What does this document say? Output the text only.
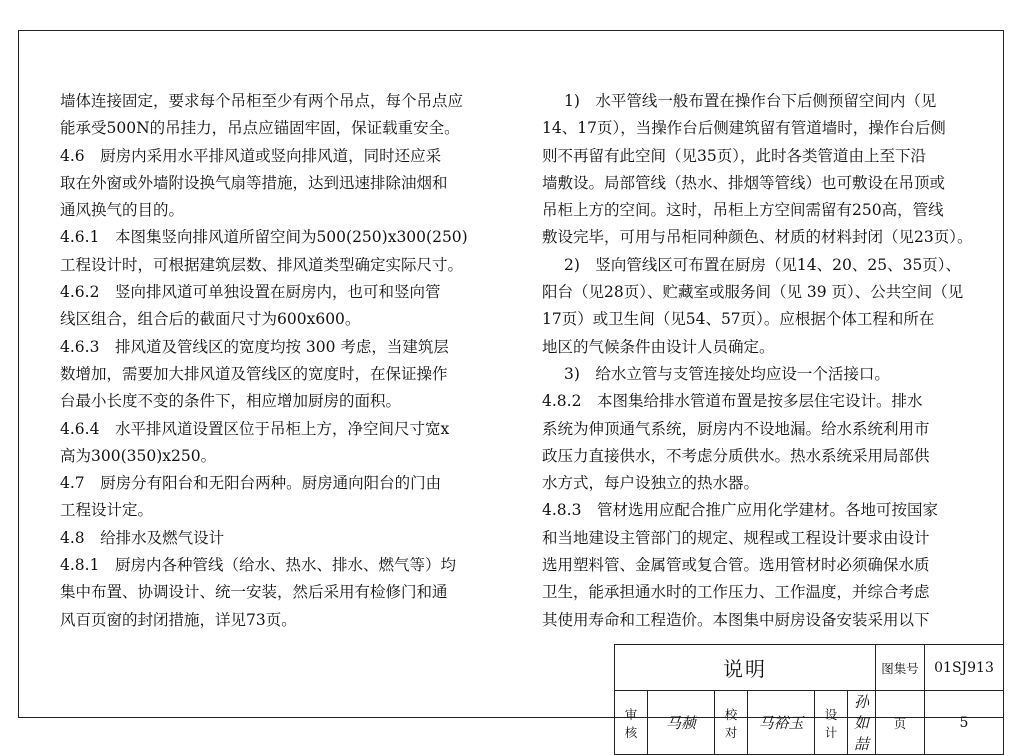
墙体连接固定，要求每个吊柜至少有两个吊点，每个吊点应

能承受500N的吊挂力，吊点应锚固牢固，保证载重安全。

4.6　厨房内采用水平排风道或竖向排风道，同时还应采

取在外窗或外墙附设换气扇等措施，达到迅速排除油烟和

通风换气的目的。

4.6.1　本图集竖向排风道所留空间为500(250)x300(250)

工程设计时，可根据建筑层数、排风道类型确定实际尺寸。

4.6.2　竖向排风道可单独设置在厨房内，也可和竖向管

线区组合，组合后的截面尺寸为600x600。

4.6.3　排风道及管线区的宽度均按 300 考虑，当建筑层

数增加，需要加大排风道及管线区的宽度时，在保证操作

台最小长度不变的条件下，相应增加厨房的面积。

4.6.4　水平排风道设置区位于吊柜上方，净空间尺寸宽x

高为300(350)x250。

4.7　厨房分有阳台和无阳台两种。厨房通向阳台的门由

工程设计定。

4.8　给排水及燃气设计

4.8.1　厨房内各种管线（给水、热水、排水、燃气等）均

集中布置、协调设计、统一安装，然后采用有检修门和通

风百页窗的封闭措施，详见73页。

1)　水平管线一般布置在操作台下后侧预留空间内（见

14、17页），当操作台后侧建筑留有管道墙时，操作台后侧

则不再留有此空间（见35页），此时各类管道由上至下沿

墙敷设。局部管线（热水、排烟等管线）也可敷设在吊顶或

吊柜上方的空间。这时，吊柜上方空间需留有250高，管线

敷设完毕，可用与吊柜同种颜色、材质的材料封闭（见23页）。

2)　竖向管线区可布置在厨房（见14、20、25、35页）、

阳台（见28页）、贮藏室或服务间（见 39 页）、公共空间（见

17页）或卫生间（见54、57页）。应根据个体工程和所在

地区的气候条件由设计人员确定。

3)　给水立管与支管连接处均应设一个活接口。

4.8.2　本图集给排水管道布置是按多层住宅设计。排水

系统为伸顶通气系统，厨房内不设地漏。给水系统利用市

政压力直接供水，不考虑分质供水。热水系统采用局部供

水方式，每户设独立的热水器。

4.8.3　管材选用应配合推广应用化学建材。各地可按国家

和当地建设主管部门的规定、规程或工程设计要求由设计

选用塑料管、金属管或复合管。选用管材时必须确保水质

卫生，能承担通水时的工作压力、工作温度，并综合考虑

其使用寿命和工程造价。本图集中厨房设备安装采用以下

说明						图集号	01SJ913
审核	马赪	校对	马裕玉	设计	孙如喆	页	5
